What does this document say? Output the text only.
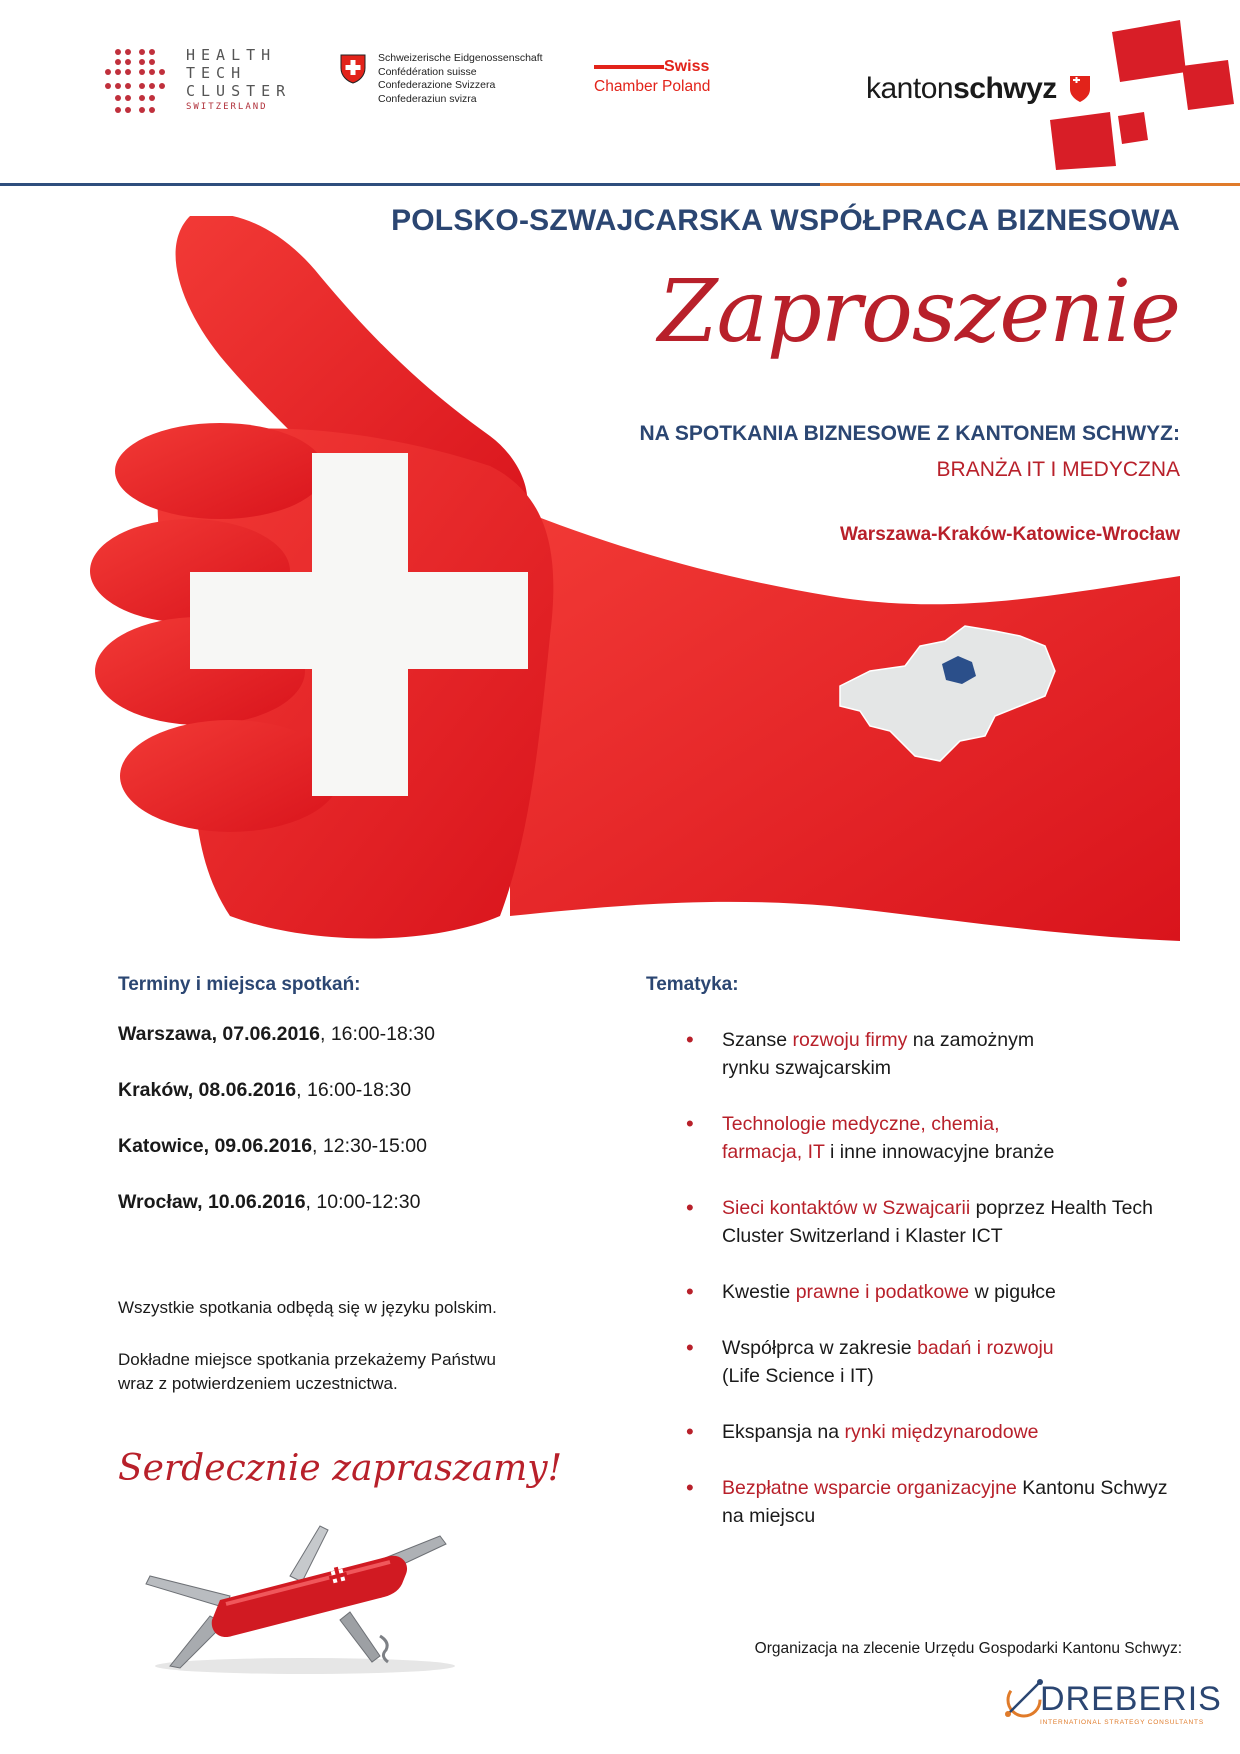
HEALTH
TECH
CLUSTER
SWITZERLAND
Schweizerische Eidgenossenschaft
Confédération suisse
Confederazione Svizzera
Confederaziun svizra
Swiss
Chamber Poland	kantonschwyz
POLSKO-SZWAJCARSKA WSPÓŁPRACA BIZNESOWA
Zaproszenie
NA SPOTKANIA BIZNESOWE Z KANTONEM SCHWYZ:
BRANŻA IT I MEDYCZNA
Warszawa-Kraków-Katowice-Wrocław
Terminy i miejsca spotkań:
Warszawa, 07.06.2016, 16:00-18:30
Kraków, 08.06.2016, 16:00-18:30
Katowice, 09.06.2016, 12:30-15:00
Wrocław, 10.06.2016, 10:00-12:30
Wszystkie spotkania odbędą się w języku polskim.
Dokładne miejsce spotkania przekażemy Państwu
wraz z potwierdzeniem uczestnictwa.
Serdecznie zapraszamy!
Tematyka:
• Szanse rozwoju firmy na zamożnym
rynku szwajcarskim
• Technologie medyczne, chemia,
farmacja, IT i inne innowacyjne branże
• Sieci kontaktów w Szwajcarii poprzez Health Tech
Cluster Switzerland i Klaster ICT
• Kwestie prawne i podatkowe w pigułce
• Współprca w zakresie badań i rozwoju
(Life Science i IT)
• Ekspansja na rynki międzynarodowe
• Bezpłatne wsparcie organizacyjne Kantonu Schwyz
na miejscu
Organizacja na zlecenie Urzędu Gospodarki Kantonu Schwyz:
DREBERIS
INTERNATIONAL STRATEGY CONSULTANTS
